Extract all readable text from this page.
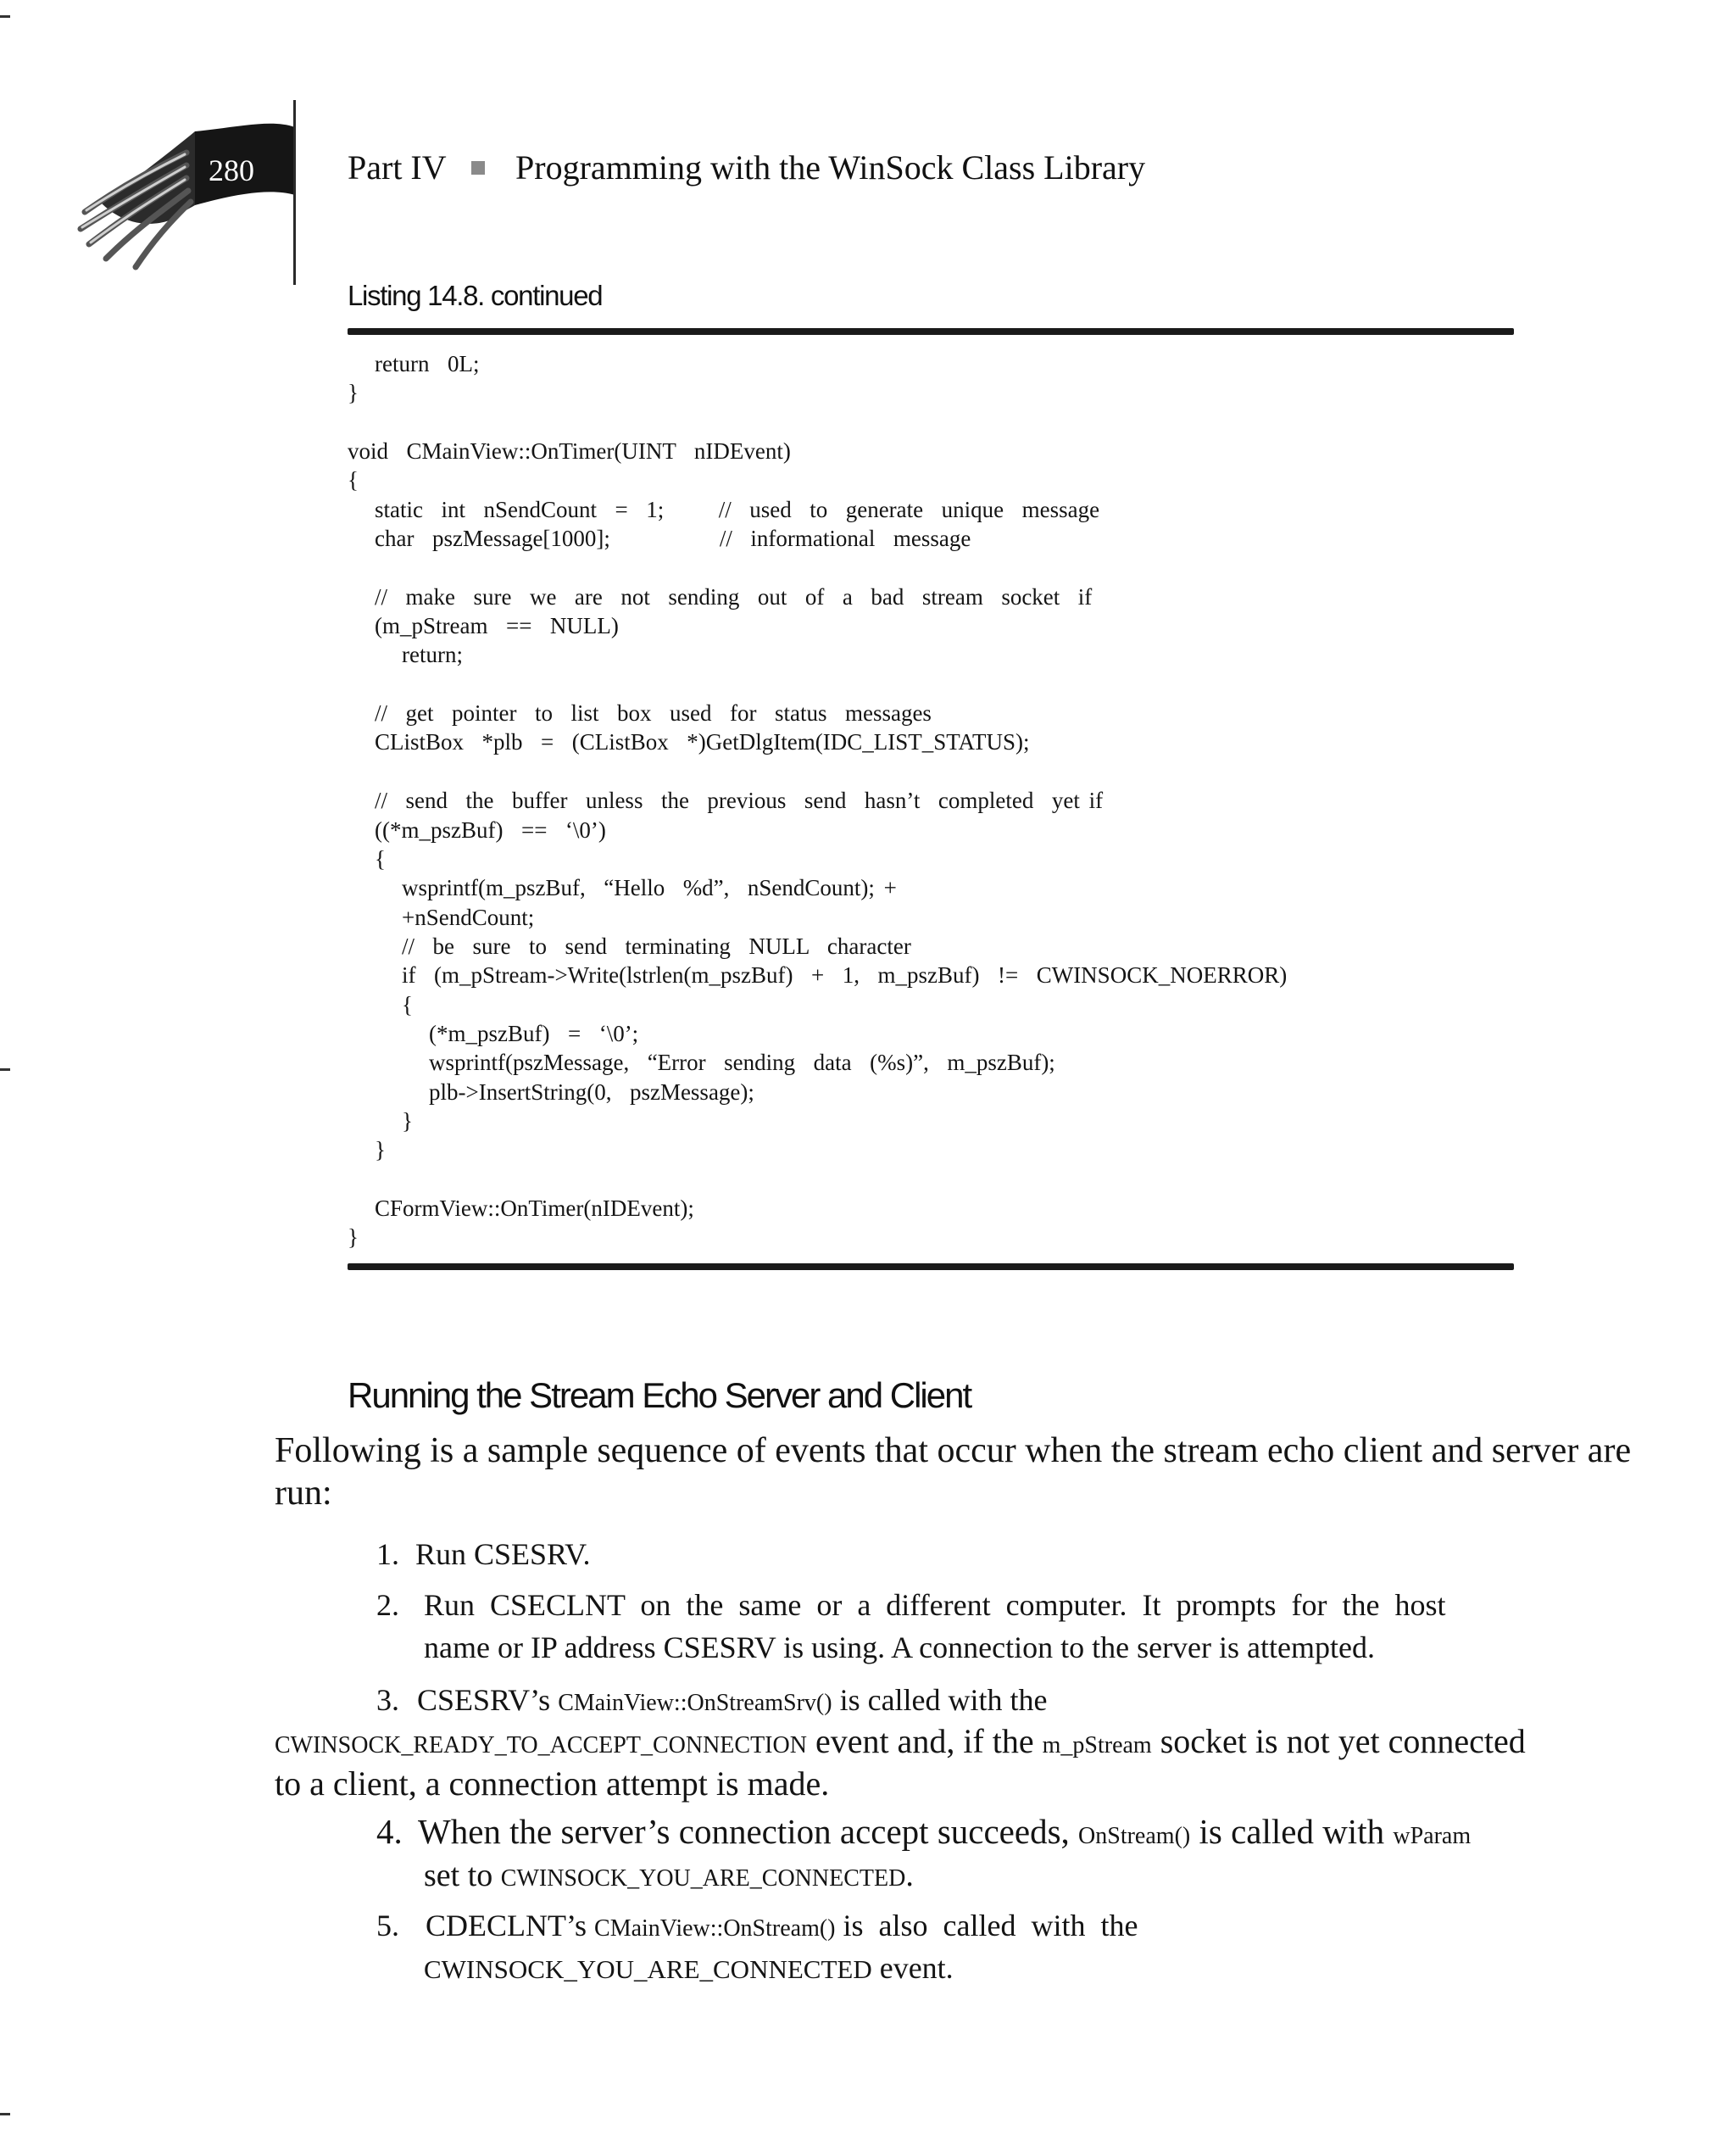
280	Part IV Programming with the WinSock Class Library
Listing 14.8. continued
return  0L;
}
void  CMainView::OnTimer(UINT  nIDEvent)
{
static  int  nSendCount  =  1;      //  used  to  generate  unique  message
char  pszMessage[1000];            //  informational  message
//  make  sure  we  are  not  sending  out  of  a  bad  stream  socket  if
(m_pStream  ==  NULL)
return;
//  get  pointer  to  list  box  used  for  status  messages
CListBox  *plb  =  (CListBox  *)GetDlgItem(IDC_LIST_STATUS);
//  send  the  buffer  unless  the  previous  send  hasn’t  completed  yet if
((*m_pszBuf)  ==  ‘\0’)
{
wsprintf(m_pszBuf,  “Hello  %d”,  nSendCount); +
+nSendCount;
//  be  sure  to  send  terminating  NULL  character
if  (m_pStream->Write(lstrlen(m_pszBuf)  +  1,  m_pszBuf)  !=  CWINSOCK_NOERROR)
{
(*m_pszBuf)  =  ‘\0’;
wsprintf(pszMessage,  “Error  sending  data  (%s)”,  m_pszBuf);
plb->InsertString(0,  pszMessage);
}
}
CFormView::OnTimer(nIDEvent);
}
Running the Stream Echo Server and Client
Following is a sample sequence of events that occur when the stream echo client and server are run:
1. Run CSESRV.
2. Run  CSECLNT  on  the  same  or  a  different  computer.  It  prompts  for  the  host
name or IP address CSESRV is using. A connection to the server is attempted.
3. CSESRV’s CMainView::OnStreamSrv() is called with the
CWINSOCK_READY_TO_ACCEPT_CONNECTION event and, if the m_pStream socket is not yet connected
to a client, a connection attempt is made.
4. When the server’s connection accept succeeds, OnStream() is called with wParam
set to CWINSOCK_YOU_ARE_CONNECTED.
5. CDECLNT’s CMainView::OnStream() is  also  called  with  the
CWINSOCK_YOU_ARE_CONNECTED event.
